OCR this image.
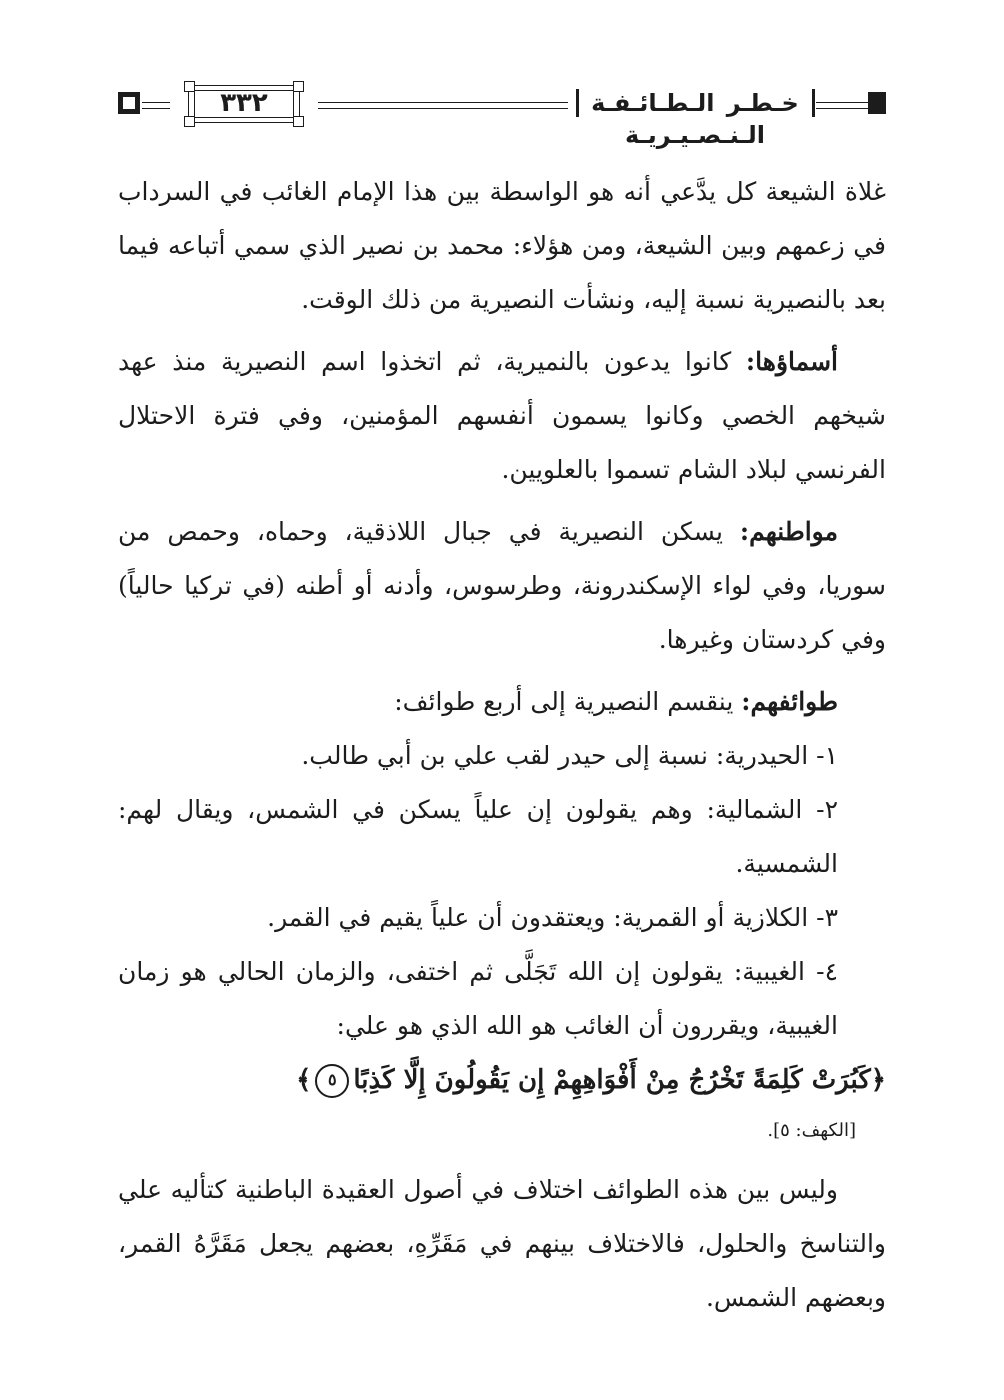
٣٣٢	خـطـر الـطـائـفـة الـنـصـيـريـة

غلاة الشيعة كل يدَّعي أنه هو الواسطة بين هذا الإمام الغائب في السرداب في زعمهم وبين الشيعة، ومن هؤلاء: محمد بن نصير الذي سمي أتباعه فيما بعد بالنصيرية نسبة إليه، ونشأت النصيرية من ذلك الوقت.

أسماؤها: كانوا يدعون بالنميرية، ثم اتخذوا اسم النصيرية منذ عهد شيخهم الخصي وكانوا يسمون أنفسهم المؤمنين، وفي فترة الاحتلال الفرنسي لبلاد الشام تسموا بالعلويين.

مواطنهم: يسكن النصيرية في جبال اللاذقية، وحماه، وحمص من سوريا، وفي لواء الإسكندرونة، وطرسوس، وأدنه أو أطنه (في تركيا حالياً) وفي كردستان وغيرها.

طوائفهم: ينقسم النصيرية إلى أربع طوائف:

١- الحيدرية: نسبة إلى حيدر لقب علي بن أبي طالب.

٢- الشمالية: وهم يقولون إن علياً يسكن في الشمس، ويقال لهم: الشمسية.

٣- الكلازية أو القمرية: ويعتقدون أن علياً يقيم في القمر.

٤- الغيبية: يقولون إن الله تَجَلَّى ثم اختفى، والزمان الحالي هو زمان الغيبية، ويقررون أن الغائب هو الله الذي هو علي:

﴿كَبُرَتْ كَلِمَةً تَخْرُجُ مِنْ أَفْوَاهِهِمْ إِن يَقُولُونَ إِلَّا كَذِبًا٥﴾

[الكهف: ٥].

وليس بين هذه الطوائف اختلاف في أصول العقيدة الباطنية كتأليه علي والتناسخ والحلول، فالاختلاف بينهم في مَقَرِّهِ، بعضهم يجعل مَقَرَّهُ القمر، وبعضهم الشمس.
